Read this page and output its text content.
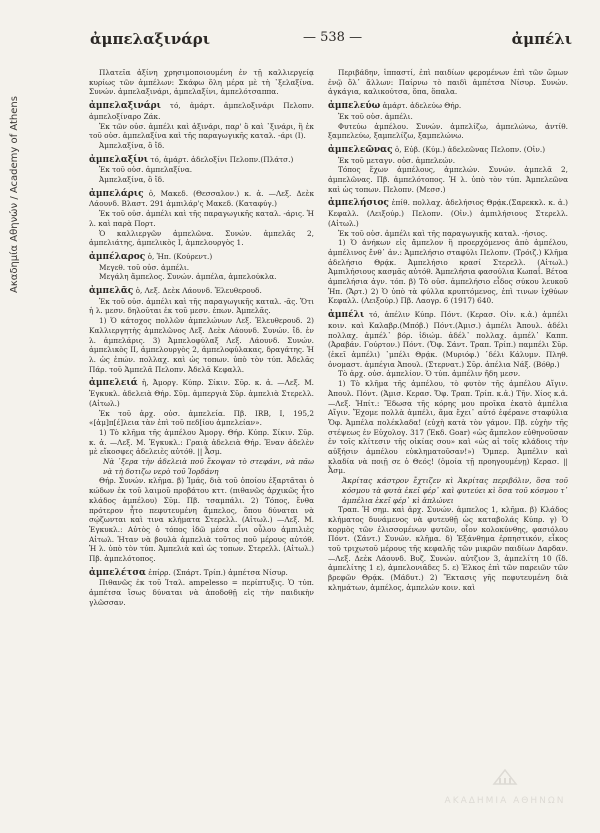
Ακαδημία Αθηνών / Academy of Athens
ἀμπελαξινάρι	— 538 —	ἀμπέλι

Πλατεῖα ἀξίνη χρησιμοποιουμένη ἐν τῇ καλλιεργείᾳ κυρίως τῶν ἀμπέλων: Σκάφω ὅλη μέρα μὲ τὴ ᾽ξελαξίνα. Συνών. ἀμπελαξινάρι, ἀμπελαξίνι, ἀμπελότσαππα.

ἀμπελαξινάρι τό, ἀμάρτ. ἀμπελοξινάρι Πελοπν. ἀμπελοξίναρο Ζάκ.

Ἐκ τῶν οὐσ. ἀμπέλι καὶ ἀξινάρι, παρ' ὃ καὶ ᾽ξινάρι, ἢ ἐκ τοῦ οὐσ. ἀμπελαξίνα καὶ τῆς παραγωγικῆς καταλ. -άρι (I).

Ἀμπελαξίνα, ὃ ἴδ.

ἀμπελαξίνι τό, ἀμάρτ. ἀδελοξίνι Πελοπν.(Πλάτσ.)

Ἐκ τοῦ οὐσ. ἀμπελαξίνα.

Ἀμπελαξίνα, ὃ ἴδ.

ἀμπελάρις ὁ, Μακεδ. (Θεσσαλον.) κ. ἀ. —Λεξ. Δεὲκ Λάουνδ. Βλαστ. 291 ἀμπιλάρ'ς Μακεδ. (Καταφύγ.)

Ἐκ τοῦ οὐσ. ἀμπέλι καὶ τῆς παραγωγικῆς καταλ. -άρις. Ἡ λ. καὶ παρὰ Πορτ.

Ὁ καλλιεργῶν ἀμπελῶνα. Συνών. ἀμπελᾶς 2, ἀμπελιάτης, ἀμπελικὸς I, ἀμπελουργὸς 1.

ἀμπέλαρος ὁ, Ἠπ. (Κούρεντ.)

Μεγεθ. τοῦ οὐσ. ἀμπέλι.

Μεγάλη ἄμπελος. Συνών. ἀμπέλα, ἀμπελούκλα.

ἀμπελᾶς ὁ, Λεξ. Δεὲκ Λάουνδ. Ἐλευθερουδ.

Ἐκ τοῦ οὐσ. ἀμπέλι καὶ τῆς παραγωγικῆς καταλ. -ᾶς. Ὅτι ἡ λ. μεσν. δηλοῦται ἐκ τοῦ μεσν. ἐπων. Ἀμπελᾶς.

1) Ὁ κάτοχος πολλῶν ἀμπελώνων Λεξ. Ἐλευθερουδ. 2) Καλλιεργητὴς ἀμπελῶνος Λεξ. Δεὲκ Λάουνδ. Συνών. ἴδ. ἐν λ. ἀμπελάρις. 3) Ἀμπελοφύλαξ Λεξ. Λάουνδ. Συνών. ἀμπελικὸς II, ἀμπελουργὸς 2, ἀμπελοφύλακας, δραγάτης. Ἡ λ. ὡς ἐπών. πολλαχ. καὶ ὡς τοπων. ὑπὸ τὸν τύπ. Ἀδελᾶς Πάρ. τοῦ Ἀμπελᾶ Πελοπν. Ἀδελᾶ Κεφαλλ.

ἀμπελειά ἡ, Ἀμοργ. Κύπρ. Σίκιν. Σῦρ. κ. ἀ. —Λεξ. Μ. Ἐγκυκλ. ἀδελειὰ Θήρ. Σῦμ. ἀμπεργιὰ Σῦρ. ἀμπελιὰ Στερελλ. (Αἰτωλ.)

Ἐκ τοῦ ἀρχ. οὐσ. ἀμπελεία. Πβ. IRB, I, 195,2 «[ἀμ]π[έ]λεια τὰν ἐπὶ τοῦ πεδ[ίου ἀμπελείαν».

1) Τὸ κλῆμα τῆς ἀμπέλου Ἀμοργ. Θήρ. Κύπρ. Σίκιν. Σῦρ. κ. ἀ. —Λεξ. Μ. Ἐγκυκλ.: Γραιὰ ἀδελειὰ Θήρ. Ἐναν ἀδελὲν μὲ εἴκοσφες ἀδελειὲς αὐτόθ. || Ἆσμ.

Νὰ ᾽ξερα τὴν ἀδελειὰ ποῦ ἔκοψαν τὸ στεφάνι, νὰ πᾶω νὰ τὴ δοτιζω νερὸ τοῦ Ἰορδάνη

Θήρ. Συνών. κλῆμα. β) Ἱμάς, διὰ τοῦ ὁποίου ἐξαρτᾶται ὁ κώδων ἐκ τοῦ λαιμοῦ προβάτου κττ. (πιθανῶς ἀρχικῶς ἦτο κλάδος ἀμπέλου) Σῦμ. Πβ. τσαμπάλι. 2) Τόπος, ἔνθα πρότερον ἦτο πεφυτευμένη ἄμπελος, ὅπου δύναται νὰ σῴζωνται καὶ τινα κλήματα Στερελλ. (Αἰτωλ.) —Λεξ. Μ. Ἐγκυκλ.: Αὐτὸς ὁ τόπος ἰδῶ μέσα εἶνι οὖλου ἀμπιλιὲς Αἰτωλ. Ἡταν νὰ βουλὰ ἀμπελιὰ τοῦτος ποῦ μέρους αὐτόθ. Ἡ λ. ὑπὸ τὸν τύπ. Ἀμπελιὰ καὶ ὡς τοπων. Στερελλ. (Αἰτωλ.) Πβ. ἀμπελότοπος.

ἀμπελέτσα ἐπίρρ. (Σπάρτ. Τρίπ.) ἀμπέτσα Νίσυρ.

Πιθανῶς ἐκ τοῦ Ἰταλ. ampelesso = περίπτυξις. Ὁ τύπ. ἀμπέτσα ἴσως δύναται νὰ ἀποδοθῇ εἰς τὴν παιδικὴν γλῶσσαν.

Περιβάδην, ἱππαστί, ἐπὶ παιδίων φερομένων ἐπὶ τῶν ὤμων ἐνῷ ὅλ᾽ ἄλλων: Παίρνω τὸ παιδὶ ἀμπέτσα Νίσυρ. Συνών. ἀγκάγια, καλικούτσα, ὅπα, ὅπαλα.

ἀμπελεύω ἀμάρτ. ἀδελεύω Θήρ.

Ἐκ τοῦ οὐσ. ἀμπέλι.

Φυτεύω ἀμπέλου. Συνών. ἀμπελίζω, ἀμπελώνω, ἀντίθ. ξαμπελεύω, ξαμπελίζω, ξαμπελώνω.

ἀμπελεῶνας ὁ, Εὐβ. (Κύμ.) ἀδελεῶνας Πελοπν. (Οἰν.)

Ἐκ τοῦ μεταγν. οὐσ. ἀμπελεών.

Τόπος ἔχων ἀμπέλους, ἀμπελών. Συνών. ἀμπελᾶ 2, ἀμπελῶνας. Πβ. ἀμπελότοπος. Ἡ λ. ὑπὸ τὸν τύπ. Ἀμπελεῶνα καὶ ὡς τοπων. Πελοπν. (Μεσσ.)

ἀμπελήσιος ἐπίθ. πολλαχ. ἀδελήσιος Θρᾴκ.(Σαρεκκλ. κ. ἀ.) Κεφαλλ. (Λειξούρ.) Πελοπν. (Οἰν.) ἀμπιλήσιους Στερελλ. (Αἰτωλ.)

Ἐκ τοῦ οὐσ. ἀμπέλι καὶ τῆς παραγωγικῆς καταλ. -ήσιος.

1) Ὁ ἀνήκων εἰς ἄμπελον ἢ προερχόμενος ἀπὸ ἀμπέλου, ἀμπέλινος ἔνθ᾽ ἀν.: Ἀμπελήσιο σταφύλι Πελοπν. (Τρόιζ.) Κλῆμα ἀδελήσιο Θρᾴκ. Ἀμπελήσιο κρασί Στερελλ. (Αἰτωλ.) Ἀμπιλήσιους κασμᾶς αὐτόθ. Ἀμπελήσια φασούλια Κωπαΐ. Βέτοα ἀμπελήσια ἀγν. τόπ. β) Τὸ οὐσ. ἀμπελήσιο εἶδος σύκου λευκοῦ Ἠπ. (Ἄρτ.) 2) Ὁ ὑπὸ τὰ φύλλα κρυπτόμενος, ἐπὶ τινων ἰχθύων Κεφαλλ. (Λειξούρ.) Πβ. Λαογρ. 6 (1917) 640.

ἀμπέλι τό, ἀπέλιν Κύπρ. Πόντ. (Κερασ. Οἰν. κ.ἀ.) ἀμπέλι κοιν. καὶ Καλαβρ.(Μπόβ.) Πόντ.(Ἀμισ.) ἀμπέλι Ἀπουλ. ἀδέλι πολλαχ. ἀμπέλ᾽ βόρ. ἰδιώμ. ἀδέλ᾽ πολλαχ. ἀμπέλ᾽ Καππ. (Ἀραβάν. Γούρτον.) Πόντ. (Ὄφ. Σάντ. Τραπ. Τρίπ.) παμπέλι Σῦρ. (ἐκεῖ ἀμπέλι) ᾽μπέλι Θρᾴκ. (Μυριόφ.) ᾽δέλι Κάλυμν. Πληθ. ὀνομαστ. ἀμπέγια Ἀπουλ. (Στερνατ.) Σῦρ. ἀπέλια Νάξ. (Βόθρ.)

Τὸ ἀρχ. οὐσ. ἀμπελίον. Ὁ τύπ. ἀμπέλιν ἤδη μεσν.

1) Τὸ κλῆμα τῆς ἀμπέλου, τὸ φυτὸν τῆς ἀμπέλου Αἴγιν. Ἀπουλ. Πόντ. (Ἀμισ. Κερασ. Ὄφ. Τραπ. Τρίπ. κ.ἀ.) Τῆν. Χίος κ.ἀ. —Λεξ. Ἠπίτ.: Ἔδωσα τῆς κόρης μου προῖκα ἑκατὸ ἀμπέλια Αἴγιν. Ἔχομε πολλὰ ἀμπέλι, ἅμα ἔχει᾽ αὐτό ἐφέρανε σταφύλια Ὄφ. Ἀμπέλα πολέκλαδα! (εὐχὴ κατὰ τὸν γάμον. Πβ. εὐχὴν τῆς στέψεως ἐν Εὐχολογ. 317 (Ἐκδ. Goar) «ὡς ἄμπελον εὐθηνοῦσαν ἐν τοῖς κλίτεσιν τῆς οἰκίας σου» καὶ «ὡς αἱ τοῖς κλάδοις τὴν αὐξήσιν ἀμπέλου εὐκληματοῦσαν!») Ὄμπερ. Ἀμπέλιν καὶ κλαδία νὰ ποιῇ σε ὁ Θεός! (ὁμοία τῇ προηγουμένῃ) Κερασ. || Ἆσμ.

Ἀκρίτας κάστρον ἔχτιζεν κὶ Ἀκρίτας περιβόλιν, ὅσα τοῦ κόσμου τὰ φυτὰ ἐκεῖ φέρ᾽ καὶ φυτεύει κὶ ὅσα τοῦ κόσμου τ᾽ ἀμπέλια ἐκεῖ φέρ᾽ κὶ ἀπλώνει

Τραπ. Ἡ σημ. καὶ ἀρχ. Συνών. ἀμπελος 1, κλῆμα. β) Κλάδος κλήματος δυνάμενος νὰ φυτευθῇ ὡς καταβολάς Κύπρ. γ) Ὁ κορμὸς τῶν ἐλισσομένων φυτῶν, οἷον κολοκύνθης, φασιόλου Πόντ. (Σάντ.) Συνών. κλῆμα. δ) Ἐξάνθημα ἐρπηστικόν, εἶκος τοῦ τριχωτοῦ μέρους τῆς κεφαλῆς τῶν μικρῶν παιδίων Δαρδαν. —Λεξ. Δεὲκ Λάουνδ. Βυζ. Συνών. αὐτζιον 3, ἀμπελίτη 10 (ἴδ. ἀμπελίτης 1 ε), ἀμπελονιᾶδες 5. ε) Ἐλκος ἐπὶ τῶν παρειῶν τῶν βρεφῶν Θρᾴκ. (Μάδυτ.) 2) Ἔκτασις γῆς πεφυτευμένη διὰ κλημάτων, ἀμπέλος, ἀμπελών κοιν. καὶ

ΑΚΑΔΗΜΙΑ ΑΘΗΝΩΝ
